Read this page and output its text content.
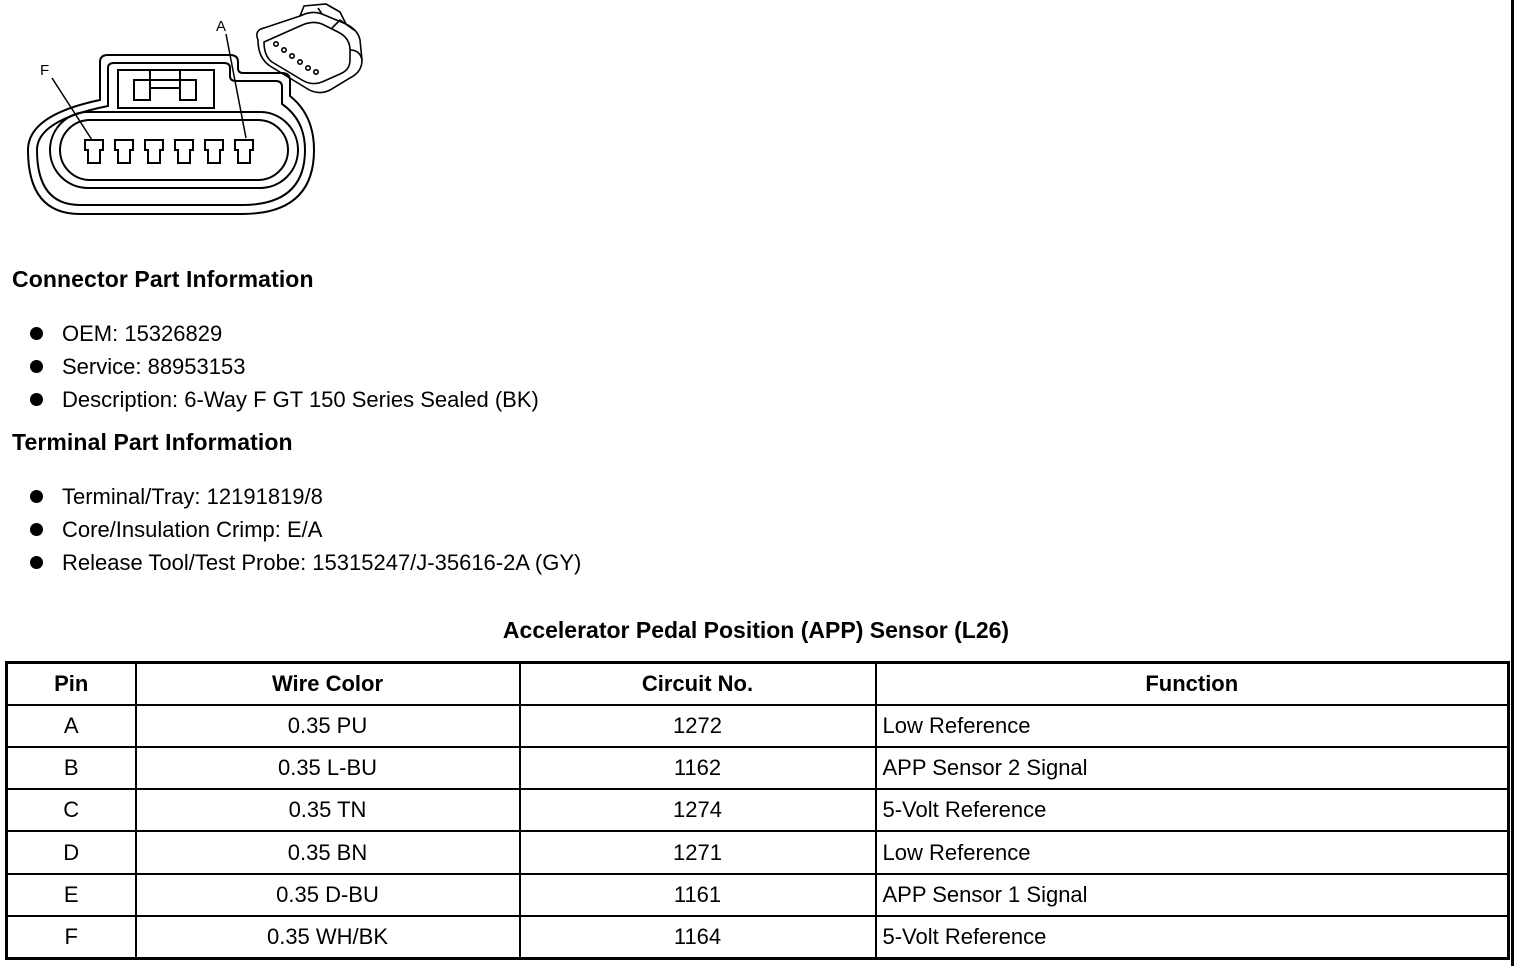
A
F
Connector Part Information
OEM: 15326829
Service: 88953153
Description: 6-Way F GT 150 Series Sealed (BK)
Terminal Part Information
Terminal/Tray: 12191819/8
Core/Insulation Crimp: E/A
Release Tool/Test Probe: 15315247/J-35616-2A (GY)
Accelerator Pedal Position (APP) Sensor (L26)
Pin	Wire Color	Circuit No.	Function
A	0.35 PU	1272	Low Reference
B	0.35 L-BU	1162	APP Sensor 2 Signal
C	0.35 TN	1274	5-Volt Reference
D	0.35 BN	1271	Low Reference
E	0.35 D-BU	1161	APP Sensor 1 Signal
F	0.35 WH/BK	1164	5-Volt Reference
